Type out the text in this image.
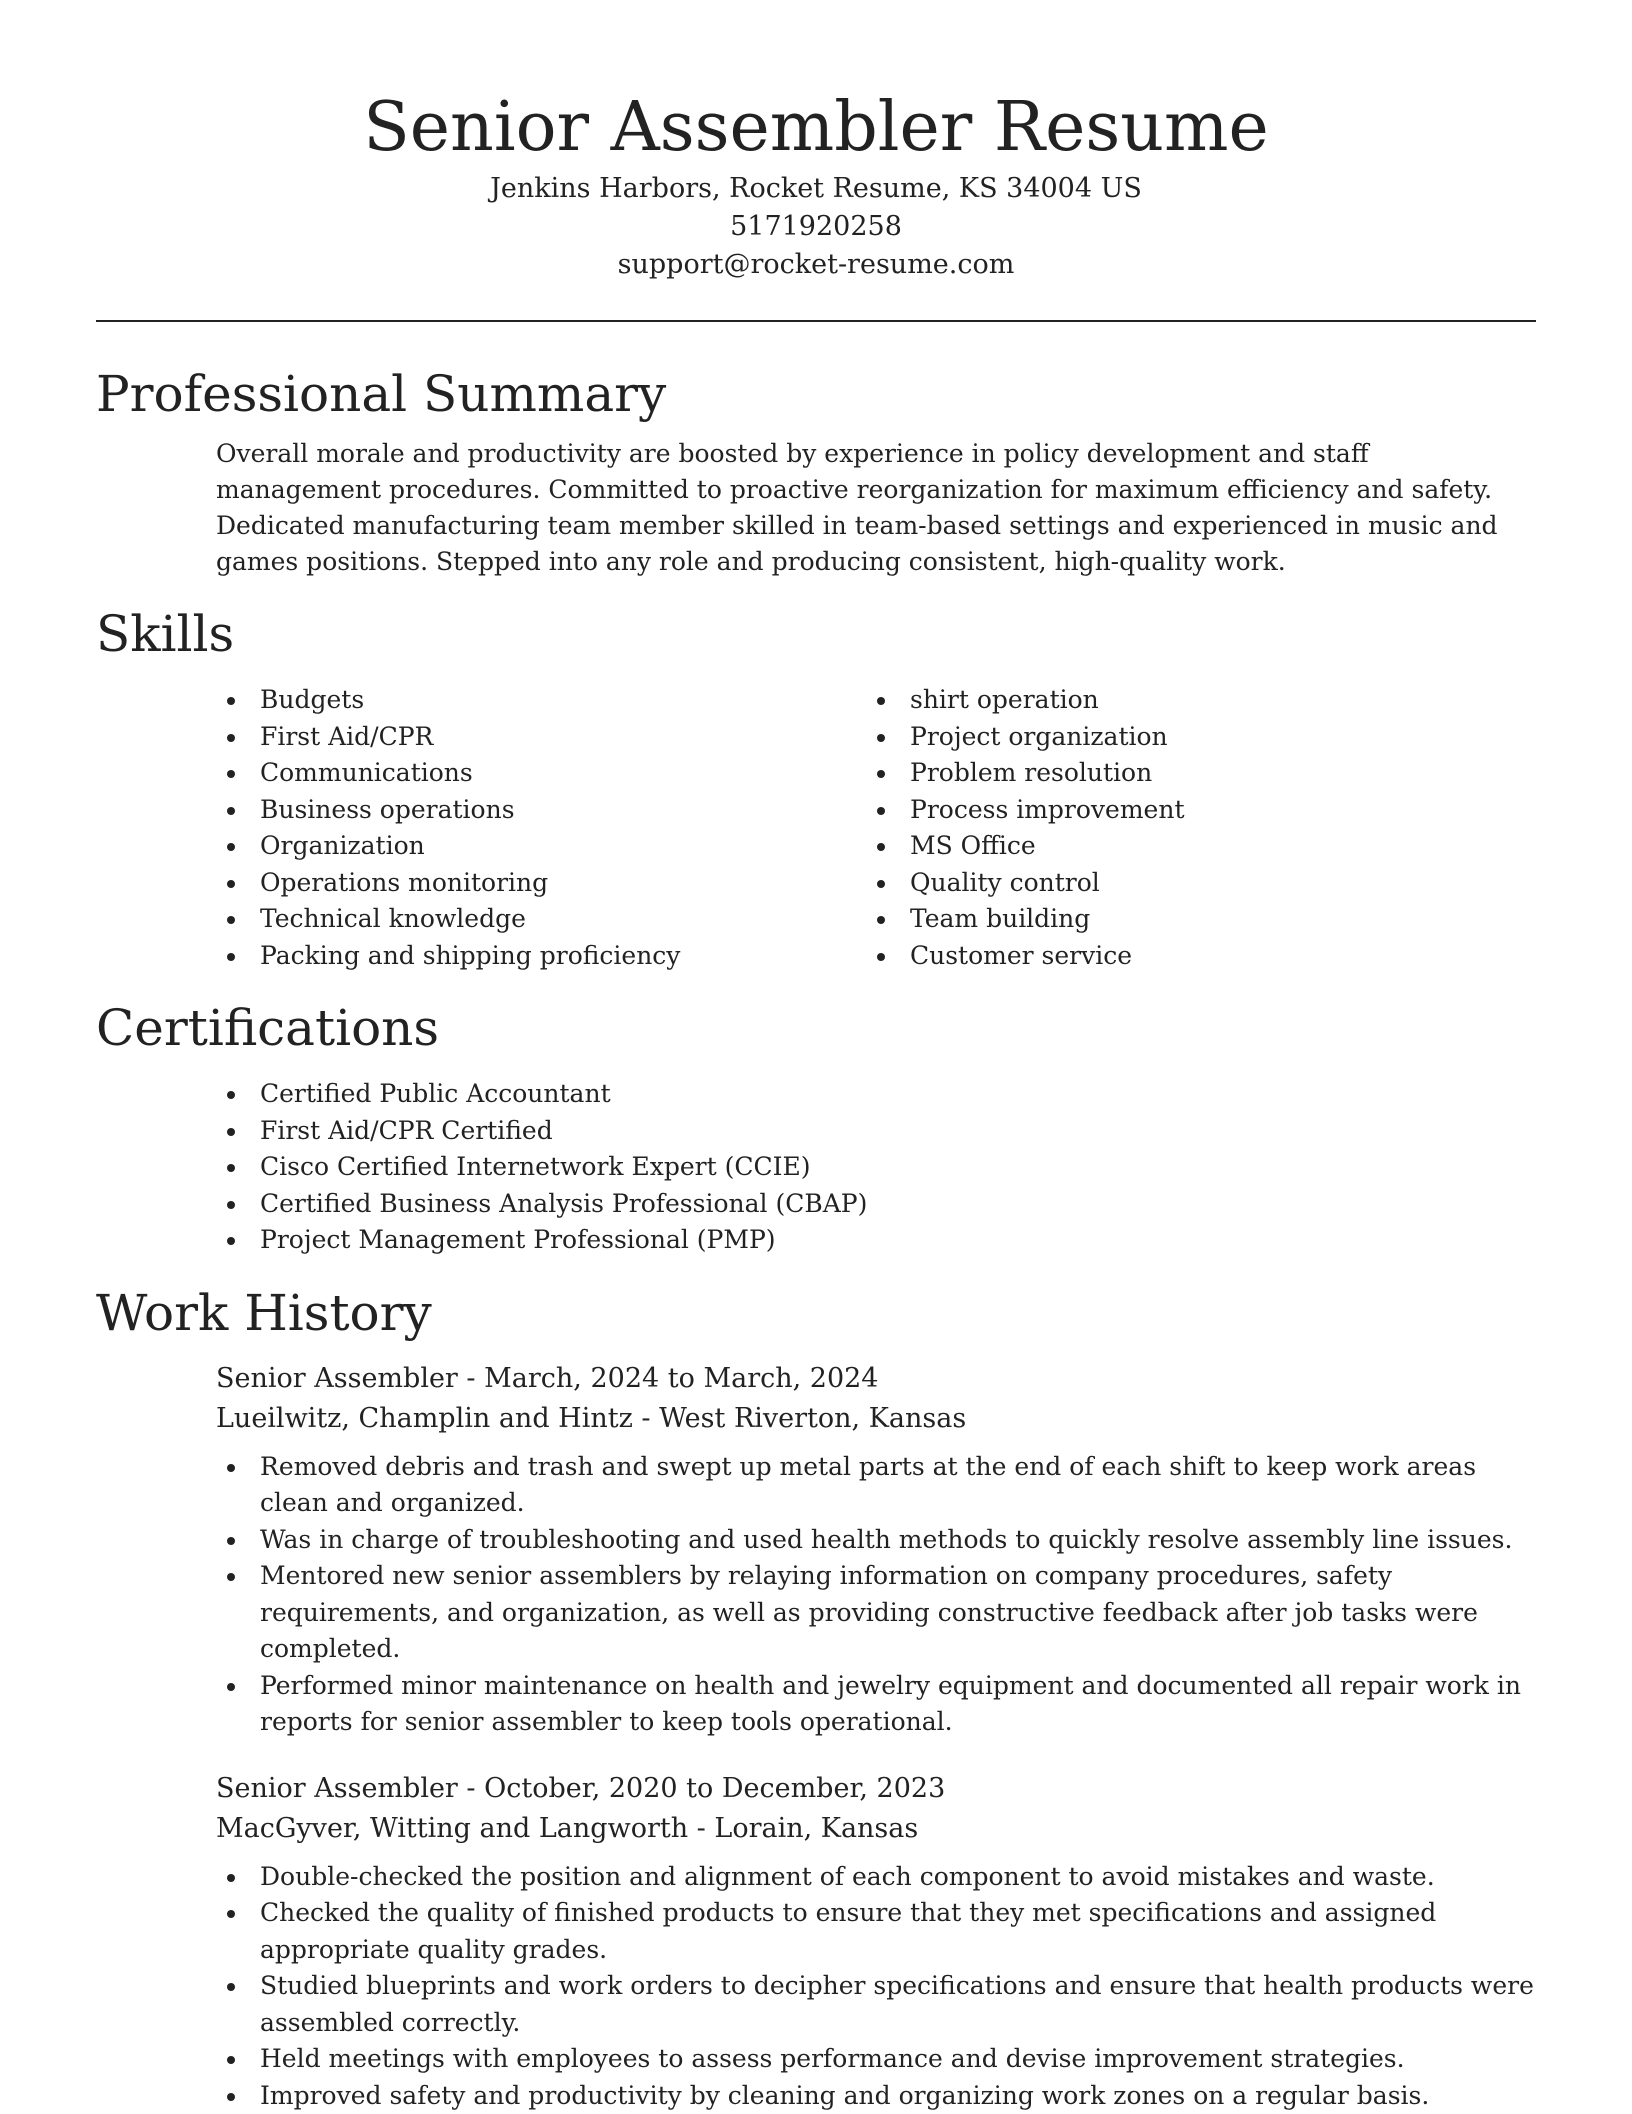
Senior Assembler Resume
Jenkins Harbors, Rocket Resume, KS 34004 US
5171920258
support@rocket-resume.com
Professional Summary

Overall morale and productivity are boosted by experience in policy development and staff management procedures. Committed to proactive reorganization for maximum efficiency and safety. Dedicated manufacturing team member skilled in team-based settings and experienced in music and games positions. Stepped into any role and producing consistent, high-quality work.

Skills
Budgets
First Aid/CPR
Communications
Business operations
Organization
Operations monitoring
Technical knowledge
Packing and shipping proficiency
shirt operation
Project organization
Problem resolution
Process improvement
MS Office
Quality control
Team building
Customer service
Certifications
Certified Public Accountant
First Aid/CPR Certified
Cisco Certified Internetwork Expert (CCIE)
Certified Business Analysis Professional (CBAP)
Project Management Professional (PMP)
Work History
Senior Assembler - March, 2024 to March, 2024
Lueilwitz, Champlin and Hintz - West Riverton, Kansas
Removed debris and trash and swept up metal parts at the end of each shift to keep work areas clean and organized.
Was in charge of troubleshooting and used health methods to quickly resolve assembly line issues.
Mentored new senior assemblers by relaying information on company procedures, safety requirements, and organization, as well as providing constructive feedback after job tasks were completed.
Performed minor maintenance on health and jewelry equipment and documented all repair work in reports for senior assembler to keep tools operational.
Senior Assembler - October, 2020 to December, 2023
MacGyver, Witting and Langworth - Lorain, Kansas
Double-checked the position and alignment of each component to avoid mistakes and waste.
Checked the quality of finished products to ensure that they met specifications and assigned appropriate quality grades.
Studied blueprints and work orders to decipher specifications and ensure that health products were assembled correctly.
Held meetings with employees to assess performance and devise improvement strategies.
Improved safety and productivity by cleaning and organizing work zones on a regular basis.
